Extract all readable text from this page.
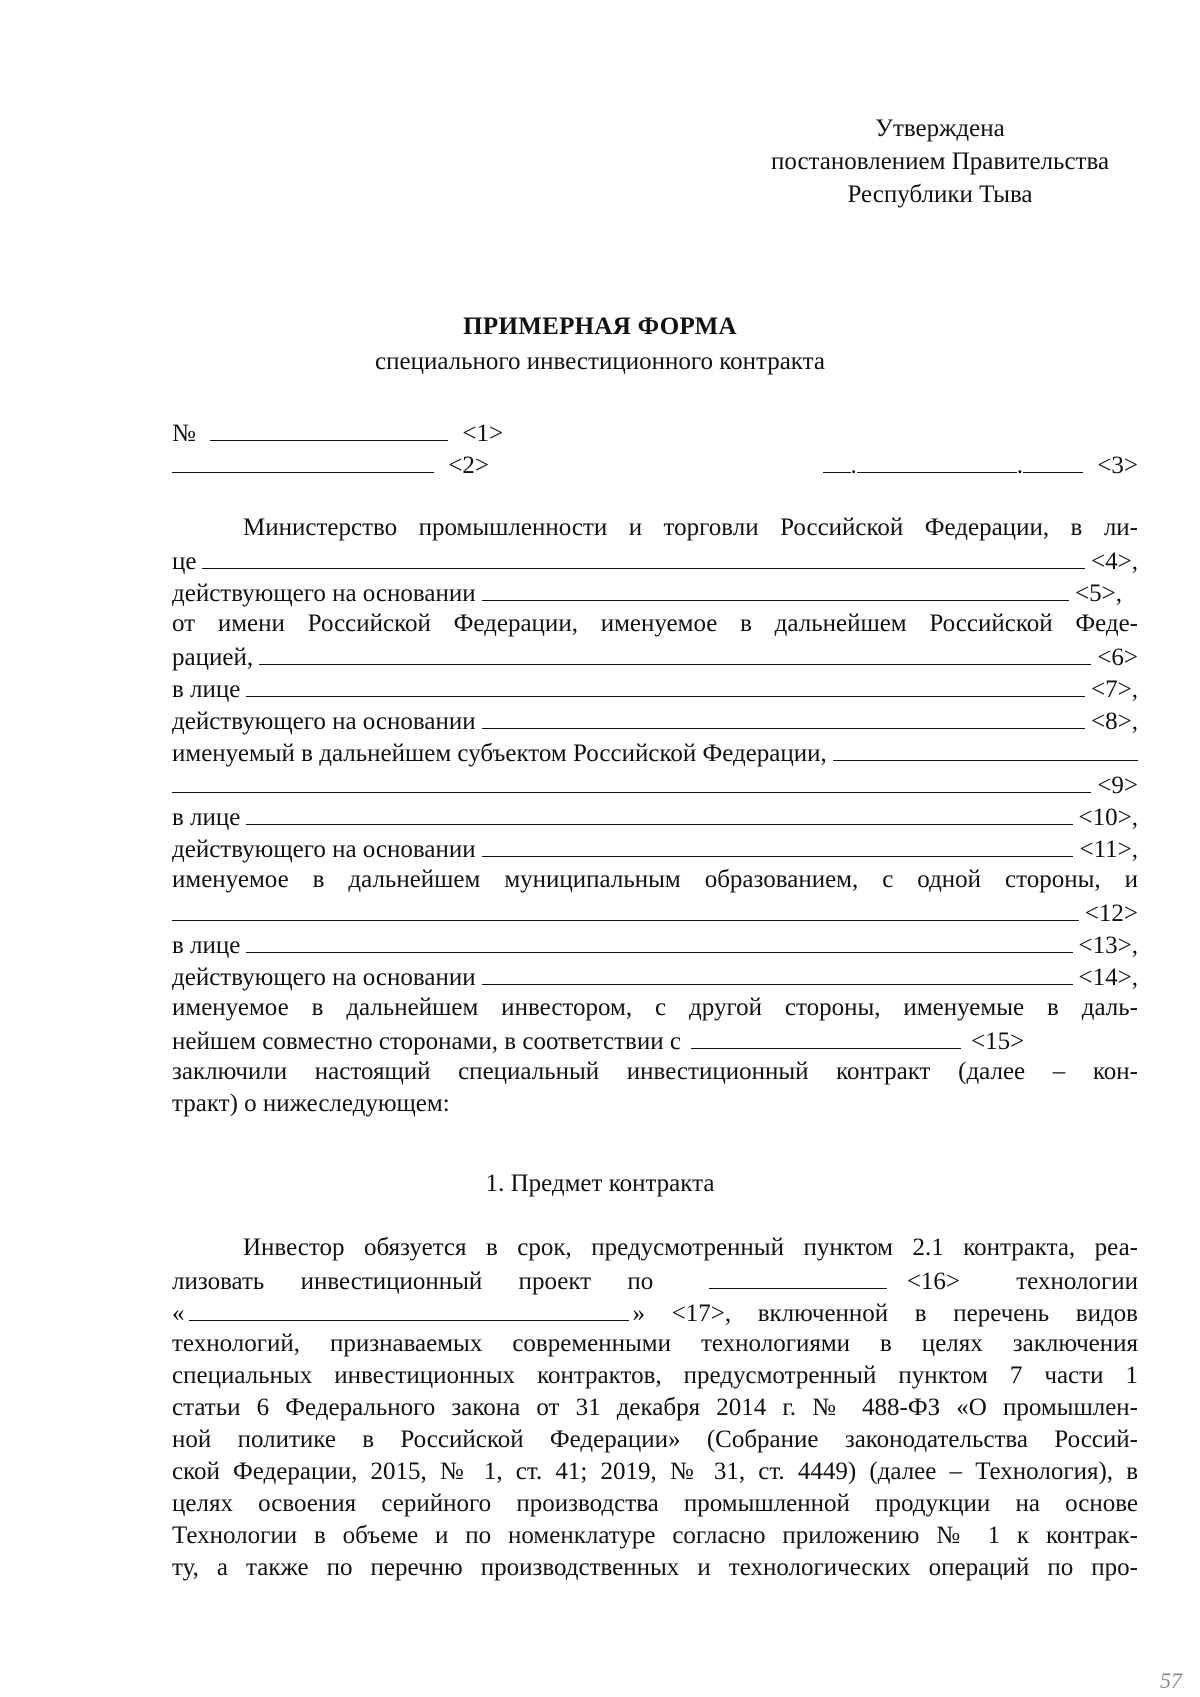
Утверждена
постановлением Правительства
Республики Тыва
ПРИМЕРНАЯ ФОРМА
специального инвестиционного контракта
№	<1>
<2>	.	.	<3>
Министерство промышленности и торговли Российской Федерации, в ли-
це	<4>,
действующего на основании	<5>,
от имени Российской Федерации, именуемое в дальнейшем Российской Феде-
рацией,	<6>
в лице	<7>,
действующего на основании	<8>,
именуемый в дальнейшем субъектом Российской Федерации,
<9>
в лице	<10>,
действующего на основании	<11>,
именуемое в дальнейшем муниципальным образованием, с одной стороны, и
<12>
в лице	<13>,
действующего на основании	<14>,
именуемое в дальнейшем инвестором, с другой стороны, именуемые в даль-
нейшем совместно сторонами, в соответствии с	<15>
заключили настоящий специальный инвестиционный контракт (далее – кон-
тракт) о нижеследующем:
1. Предмет контракта
Инвестор обязуется в срок, предусмотренный пунктом 2.1 контракта, реа-
лизовать инвестиционный проект по	<16> технологии
«	» <17>, включенной в перечень видов
технологий, признаваемых современными технологиями в целях заключения
специальных инвестиционных контрактов, предусмотренный пунктом 7 части 1
статьи 6 Федерального закона от 31 декабря 2014 г. № 488-ФЗ «О промышлен-
ной политике в Российской Федерации» (Собрание законодательства Россий-
ской Федерации, 2015, № 1, ст. 41; 2019, № 31, ст. 4449) (далее – Технология), в
целях освоения серийного производства промышленной продукции на основе
Технологии в объеме и по номенклатуре согласно приложению № 1 к контрак-
ту, а также по перечню производственных и технологических операций по про-
57
